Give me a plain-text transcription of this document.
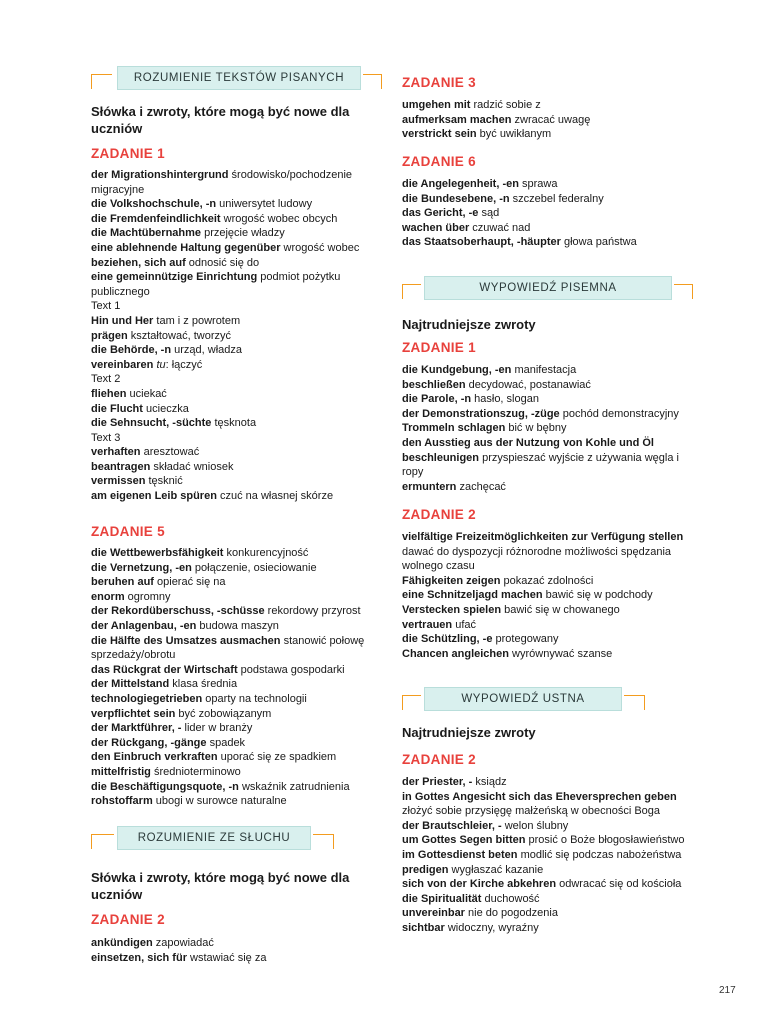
ROZUMIENIE TEKSTÓW PISANYCH
Słówka i zwroty, które mogą być nowe dla uczniów
ZADANIE 1
der Migrationshintergrund środowisko/pochodzenie migracyjne
die Volkshochschule, -n uniwersytet ludowy
die Fremdenfeindlichkeit wrogość wobec obcych
die Machtübernahme przejęcie władzy
eine ablehnende Haltung gegenüber wrogość wobec
beziehen, sich auf odnosić się do
eine gemeinnützige Einrichtung podmiot pożytku publicznego
Text 1
Hin und Her tam i z powrotem
prägen kształtować, tworzyć
die Behörde, -n urząd, władza
vereinbaren tu: łączyć
Text 2
fliehen uciekać
die Flucht ucieczka
die Sehnsucht, -süchte tęsknota
Text 3
verhaften aresztować
beantragen składać wniosek
vermissen tęsknić
am eigenen Leib spüren czuć na własnej skórze
ZADANIE 5
die Wettbewerbsfähigkeit konkurencyjność
die Vernetzung, -en połączenie, osieciowanie
beruhen auf opierać się na
enorm ogromny
der Rekordüberschuss, -schüsse rekordowy przyrost
der Anlagenbau, -en budowa maszyn
die Hälfte des Umsatzes ausmachen stanowić połowę sprzedaży/obrotu
das Rückgrat der Wirtschaft podstawa gospodarki
der Mittelstand klasa średnia
technologiegetrieben oparty na technologii
verpflichtet sein być zobowiązanym
der Marktführer, - lider w branży
der Rückgang, -gänge spadek
den Einbruch verkraften uporać się ze spadkiem
mittelfristig średnioterminowo
die Beschäftigungsquote, -n wskaźnik zatrudnienia
rohstoffarm ubogi w surowce naturalne
ROZUMIENIE ZE SŁUCHU
Słówka i zwroty, które mogą być nowe dla uczniów
ZADANIE 2
ankündigen zapowiadać
einsetzen, sich für wstawiać się za
ZADANIE 3
umgehen mit radzić sobie z
aufmerksam machen zwracać uwagę
verstrickt sein być uwikłanym
ZADANIE 6
die Angelegenheit, -en sprawa
die Bundesebene, -n szczebel federalny
das Gericht, -e sąd
wachen über czuwać nad
das Staatsoberhaupt, -häupter głowa państwa
WYPOWIEDŹ PISEMNA
Najtrudniejsze zwroty
ZADANIE 1
die Kundgebung, -en manifestacja
beschließen decydować, postanawiać
die Parole, -n hasło, slogan
der Demonstrationszug, -züge pochód demonstracyjny
Trommeln schlagen bić w bębny
den Ausstieg aus der Nutzung von Kohle und Öl
beschleunigen przyspieszać wyjście z używania węgla i ropy
ermuntern zachęcać
ZADANIE 2
vielfältige Freizeitmöglichkeiten zur Verfügung stellen dawać do dyspozycji różnorodne możliwości spędzania wolnego czasu
Fähigkeiten zeigen pokazać zdolności
eine Schnitzeljagd machen bawić się w podchody
Verstecken spielen bawić się w chowanego
vertrauen ufać
die Schützling, -e protegowany
Chancen angleichen wyrównywać szanse
WYPOWIEDŹ USTNA
Najtrudniejsze zwroty
ZADANIE 2
der Priester, - ksiądz
in Gottes Angesicht sich das Eheversprechen geben złożyć sobie przysięgę małżeńską w obecności Boga
der Brautschleier, - welon ślubny
um Gottes Segen bitten prosić o Boże błogosławieństwo
im Gottesdienst beten modlić się podczas nabożeństwa
predigen wygłaszać kazanie
sich von der Kirche abkehren odwracać się od kościoła
die Spiritualität duchowość
unvereinbar nie do pogodzenia
sichtbar widoczny, wyraźny
217
